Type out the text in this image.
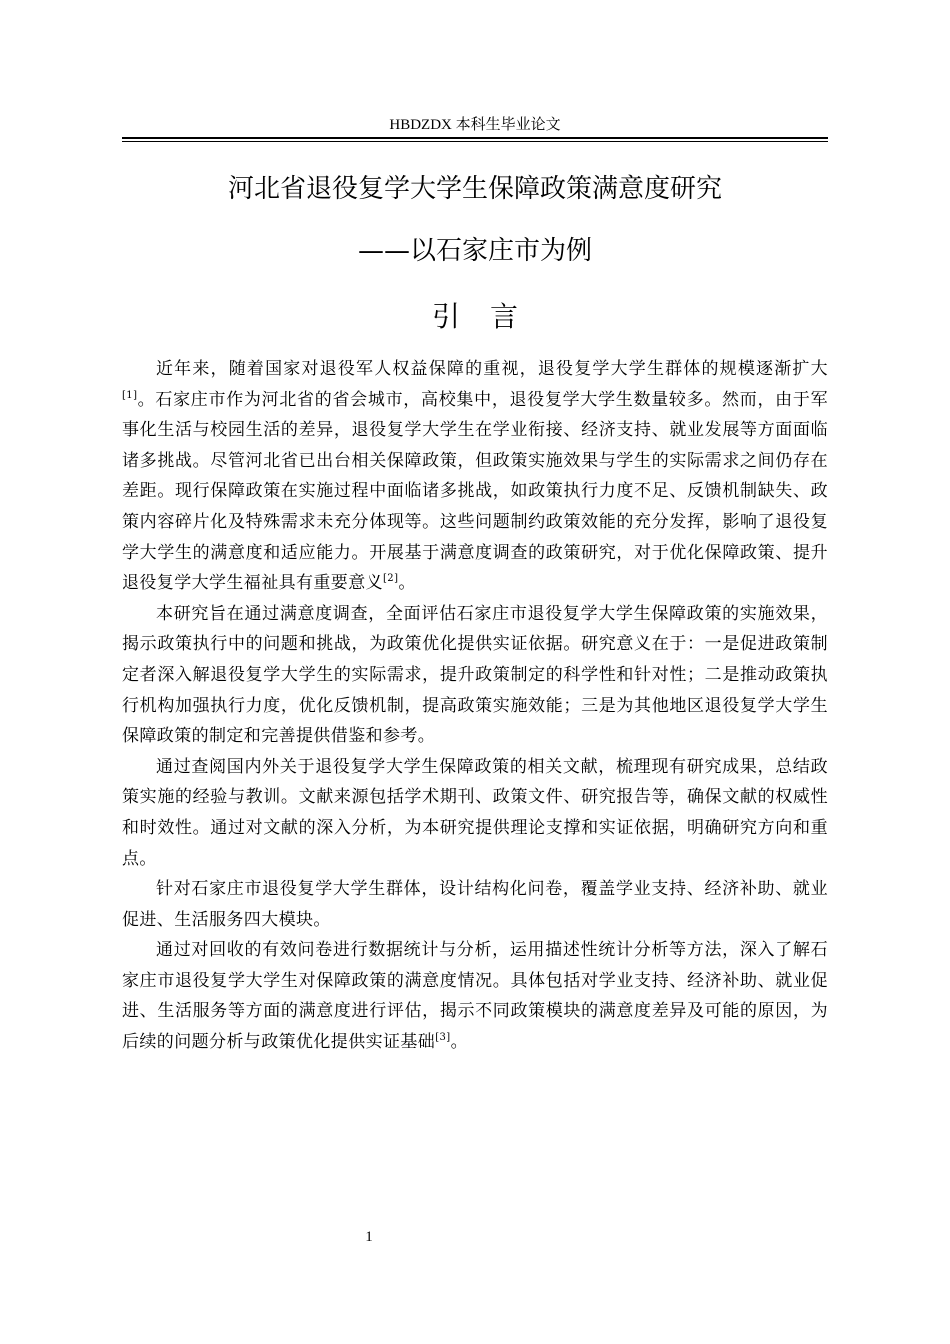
HBDZDX 本科生毕业论文
河北省退役复学大学生保障政策满意度研究
——以石家庄市为例
引言

近年来，随着国家对退役军人权益保障的重视，退役复学大学生群体的规模逐渐扩大[1]。石家庄市作为河北省的省会城市，高校集中，退役复学大学生数量较多。然而，由于军事化生活与校园生活的差异，退役复学大学生在学业衔接、经济支持、就业发展等方面面临诸多挑战。尽管河北省已出台相关保障政策，但政策实施效果与学生的实际需求之间仍存在差距。现行保障政策在实施过程中面临诸多挑战，如政策执行力度不足、反馈机制缺失、政策内容碎片化及特殊需求未充分体现等。这些问题制约政策效能的充分发挥，影响了退役复学大学生的满意度和适应能力。开展基于满意度调查的政策研究，对于优化保障政策、提升退役复学大学生福祉具有重要意义[2]。

本研究旨在通过满意度调查，全面评估石家庄市退役复学大学生保障政策的实施效果，揭示政策执行中的问题和挑战，为政策优化提供实证依据。研究意义在于：一是促进政策制定者深入解退役复学大学生的实际需求，提升政策制定的科学性和针对性；二是推动政策执行机构加强执行力度，优化反馈机制，提高政策实施效能；三是为其他地区退役复学大学生保障政策的制定和完善提供借鉴和参考。

通过查阅国内外关于退役复学大学生保障政策的相关文献，梳理现有研究成果，总结政策实施的经验与教训。文献来源包括学术期刊、政策文件、研究报告等，确保文献的权威性和时效性。通过对文献的深入分析，为本研究提供理论支撑和实证依据，明确研究方向和重点。

针对石家庄市退役复学大学生群体，设计结构化问卷，覆盖学业支持、经济补助、就业促进、生活服务四大模块。

通过对回收的有效问卷进行数据统计与分析，运用描述性统计分析等方法，深入了解石家庄市退役复学大学生对保障政策的满意度情况。具体包括对学业支持、经济补助、就业促进、生活服务等方面的满意度进行评估，揭示不同政策模块的满意度差异及可能的原因，为后续的问题分析与政策优化提供实证基础[3]。

1
